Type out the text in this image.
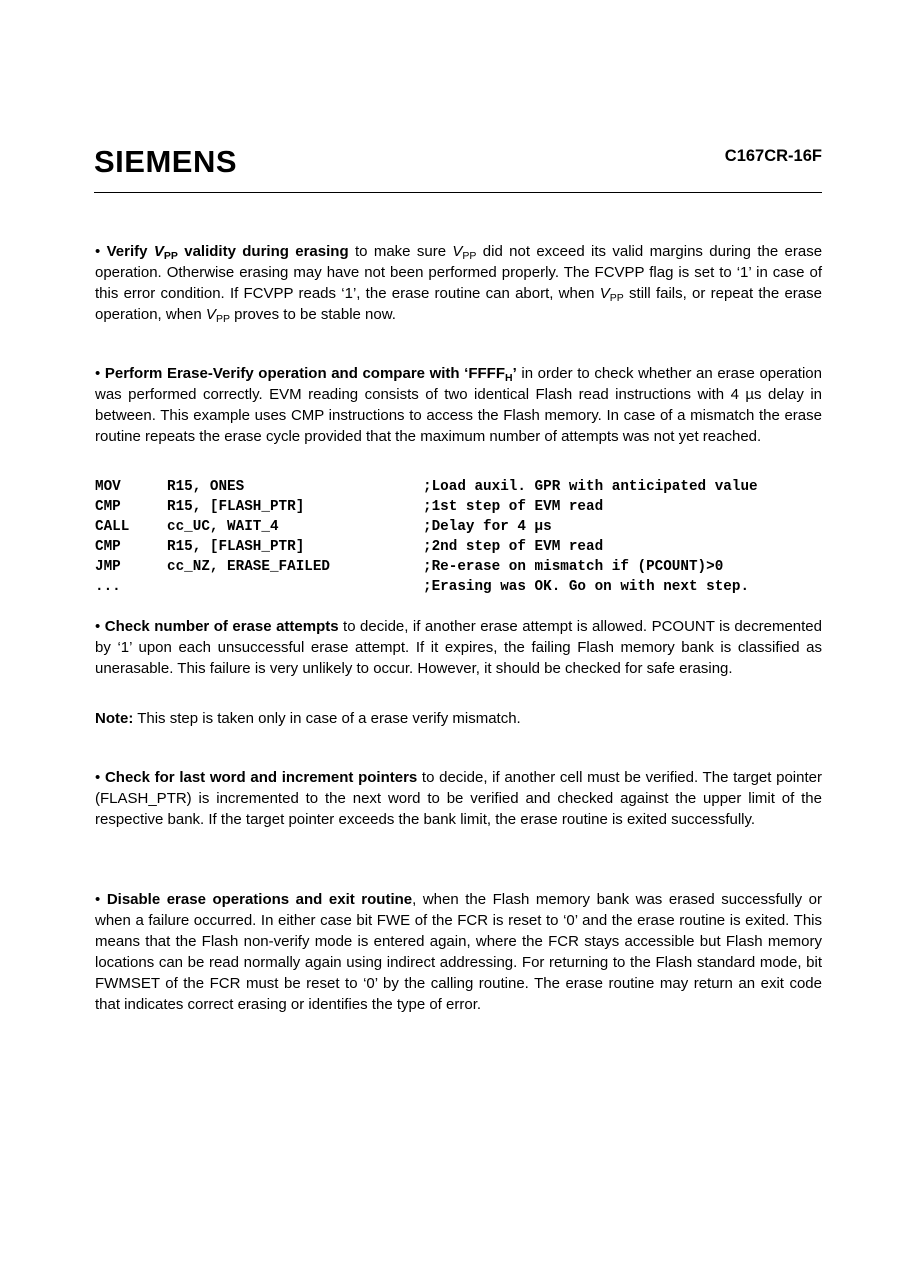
SIEMENS	C167CR-16F

• Verify $V_{PP}$ validity during erasing to make sure $V_{PP}$ did not exceed its valid margins during the erase operation. Otherwise erasing may have not been performed properly. The FCVPP flag is set to ‘1’ in case of this error condition. If FCVPP reads ‘1’, the erase routine can abort, when $V_{PP}$ still fails, or repeat the erase operation, when $V_{PP}$ proves to be stable now.

• Perform Erase-Verify operation and compare with ‘$FFFF_H$’ in order to check whether an erase operation was performed correctly. EVM reading consists of two identical Flash read instructions with 4 µs delay in between. This example uses CMP instructions to access the Flash memory. In case of a mismatch the erase routine repeats the erase cycle provided that the maximum number of attempts was not yet reached.

MOV	R15, ONES	;Load auxil. GPR with anticipated value
CMP	R15, [FLASH_PTR]	;1st step of EVM read
CALL	cc_UC, WAIT_4	;Delay for 4 µs
CMP	R15, [FLASH_PTR]	;2nd step of EVM read
JMP	cc_NZ, ERASE_FAILED	;Re-erase on mismatch if (PCOUNT)>0
...	;Erasing was OK. Go on with next step.

• Check number of erase attempts to decide, if another erase attempt is allowed. PCOUNT is decremented by ‘1’ upon each unsuccessful erase attempt. If it expires, the failing Flash memory bank is classified as unerasable. This failure is very unlikely to occur. However, it should be checked for safe erasing.

Note: This step is taken only in case of a erase verify mismatch.

• Check for last word and increment pointers to decide, if another cell must be verified. The target pointer (FLASH_PTR) is incremented to the next word to be verified and checked against the upper limit of the respective bank. If the target pointer exceeds the bank limit, the erase routine is exited successfully.

• Disable erase operations and exit routine, when the Flash memory bank was erased successfully or when a failure occurred. In either case bit FWE of the FCR is reset to ‘0’ and the erase routine is exited. This means that the Flash non-verify mode is entered again, where the FCR stays accessible but Flash memory locations can be read normally again using indirect addressing. For returning to the Flash standard mode, bit FWMSET of the FCR must be reset to ‘0’ by the calling routine. The erase routine may return an exit code that indicates correct erasing or identifies the type of error.
